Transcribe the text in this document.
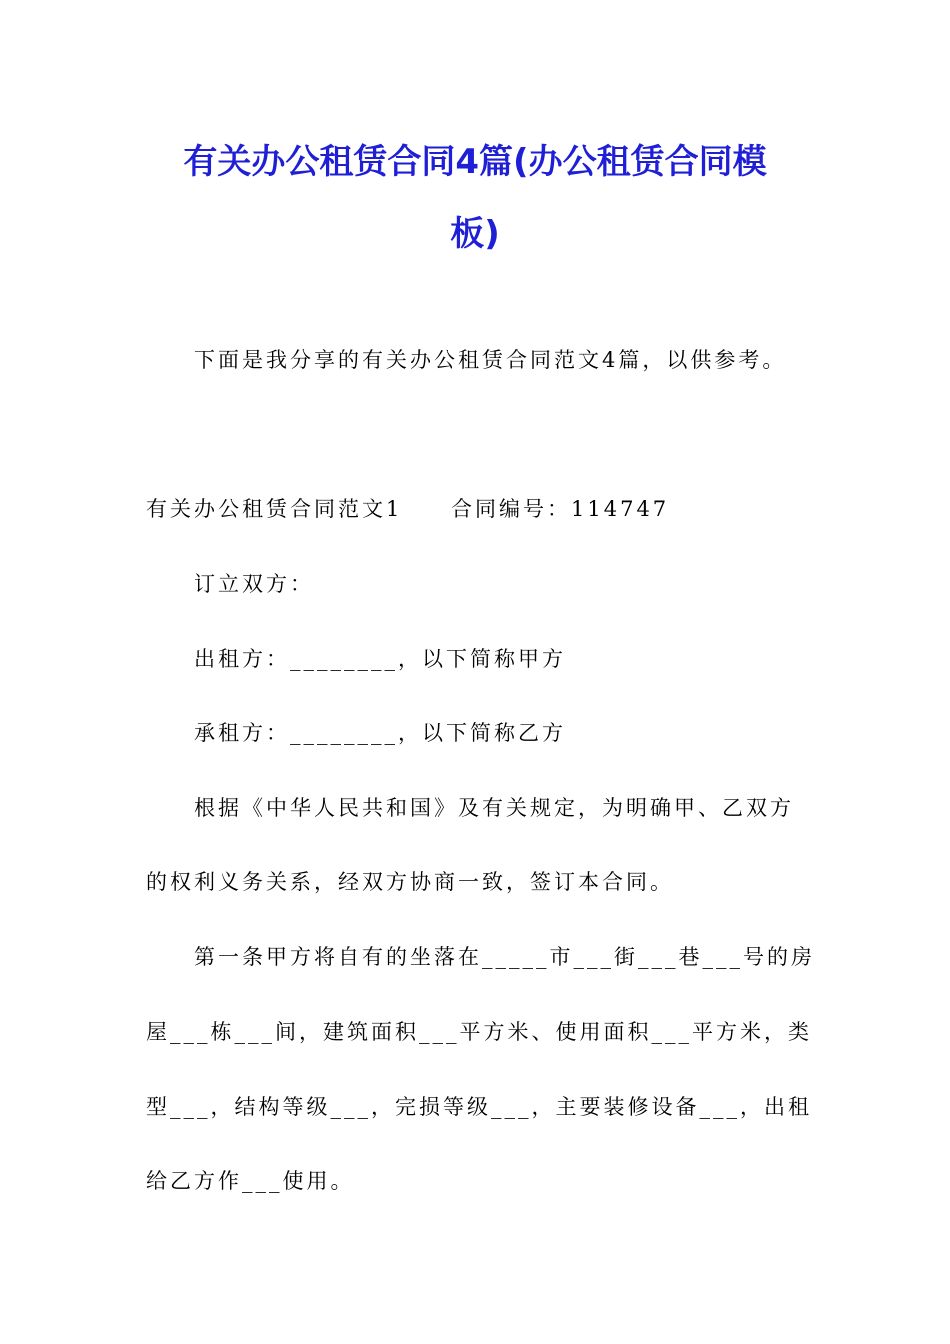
有关办公租赁合同4篇(办公租赁合同模
板)
下面是我分享的有关办公租赁合同范文4篇，以供参考。
有关办公租赁合同范文1 合同编号：114747
订立双方：
出租方：________，以下简称甲方
承租方：________，以下简称乙方
根据《中华人民共和国》及有关规定，为明确甲、乙双方
的权利义务关系，经双方协商一致，签订本合同。
第一条甲方将自有的坐落在_____市___街___巷___号的房
屋___栋___间，建筑面积___平方米、使用面积___平方米，类
型___，结构等级___，完损等级___，主要装修设备___，出租
给乙方作___使用。
